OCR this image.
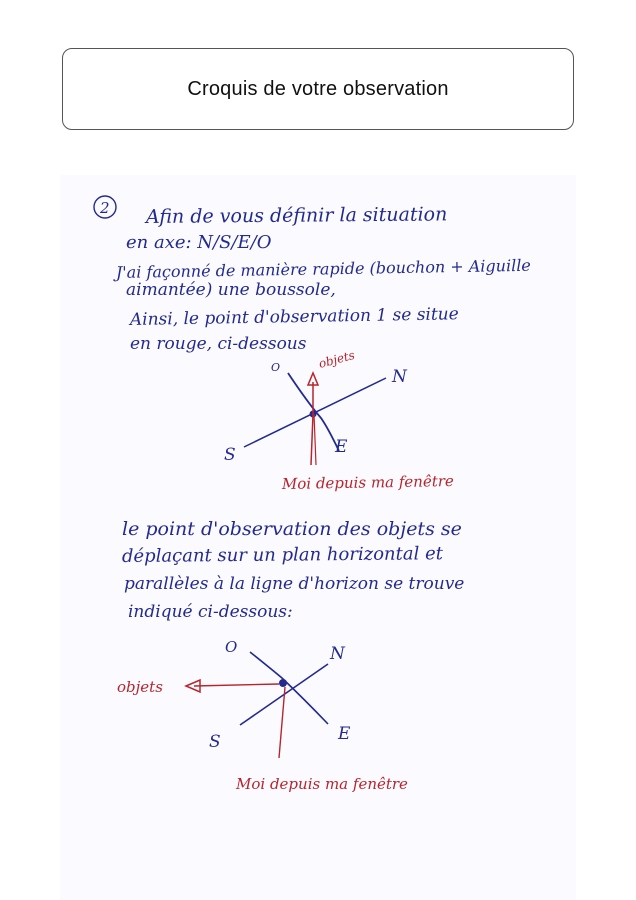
Croquis de votre observation
2 Afin de vous définir la situation
en axe: N/S/E/O
J'ai façonné de manière rapide (bouchon + Aiguille
aimantée) une boussole,
Ainsi, le point d'observation 1 se situe
en rouge, ci-dessous
O	objets
N
S	E
Moi depuis ma fenêtre
le point d'observation des objets se
déplaçant sur un plan horizontal et
parallèles à la ligne d'horizon se trouve
indiqué ci-dessous:
O	N
S	E
objets
Moi depuis ma fenêtre
